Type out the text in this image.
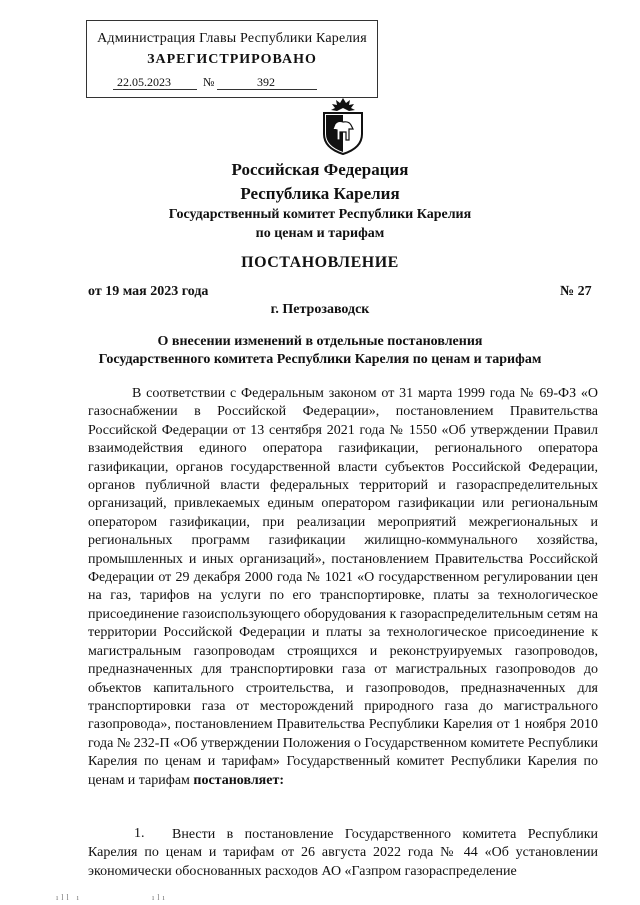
Администрация Главы Республики Карелия
ЗАРЕГИСТРИРОВАНО
22.05.2023	№	392
Российская Федерация
Республика Карелия
Государственный комитет Республики Карелия
по ценам и тарифам
ПОСТАНОВЛЕНИЕ
от 19 мая 2023 года	№ 27
г. Петрозаводск
О внесении изменений в отдельные постановления
Государственного комитета Республики Карелия по ценам и тарифам

В соответствии с Федеральным законом от 31 марта 1999 года № 69-ФЗ «О газоснабжении в Российской Федерации», постановлением Правительства Российской Федерации от 13 сентября 2021 года № 1550 «Об утверждении Правил взаимодействия единого оператора газификации, регионального оператора газификации, органов государственной власти субъектов Российской Федерации, органов публичной власти федеральных территорий и газораспределительных организаций, привлекаемых единым оператором газификации или региональным оператором газификации, при реализации мероприятий межрегиональных и региональных программ газификации жилищно-коммунального хозяйства, промышленных и иных организаций», постановлением Правительства Российской Федерации от 29 декабря 2000 года № 1021 «О государственном регулировании цен на газ, тарифов на услуги по его транспортировке, платы за технологическое присоединение газоиспользующего оборудования к газораспределительным сетям на территории Российской Федерации и платы за технологическое присоединение к магистральным газопроводам строящихся и реконструируемых газопроводов, предназначенных для транспортировки газа от магистральных газопроводов до объектов капитального строительства, и газопроводов, предназначенных для транспортировки газа от месторождений природного газа до магистрального газопровода», постановлением Правительства Республики Карелия от 1 ноября 2010 года № 232-П «Об утверждении Положения о Государственном комитете Республики Карелия по ценам и тарифам» Государственный комитет Республики Карелия по ценам и тарифам постановляет:

1.	Внести в постановление Государственного комитета Республики Карелия по ценам и тарифам от 26 августа 2022 года № 44 «Об установлении экономически обоснованных расходов АО «Газпром газораспределение

ıll ı	ılı
